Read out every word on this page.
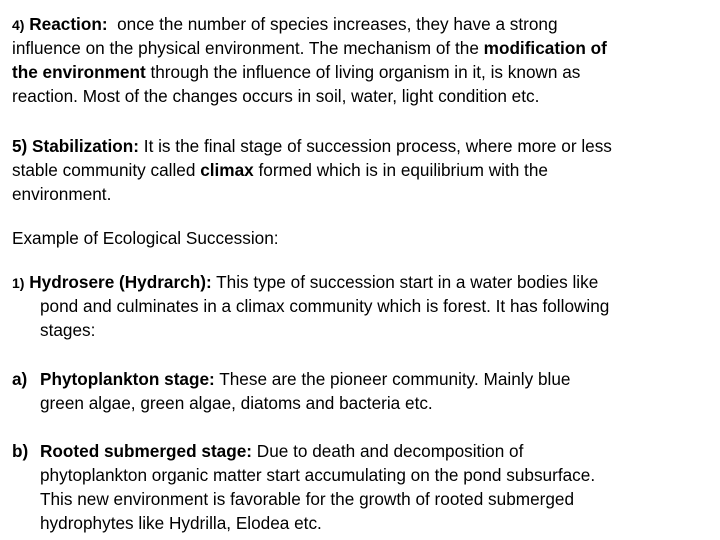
4) Reaction:  once the number of species increases, they have a strong
influence on the physical environment. The mechanism of the modification of
the environment through the influence of living organism in it, is known as
reaction. Most of the changes occurs in soil, water, light condition etc.
5) Stabilization: It is the final stage of succession process, where more or less
stable community called climax formed which is in equilibrium with the
environment.
Example of Ecological Succession:
1) Hydrosere (Hydrarch): This type of succession start in a water bodies like
pond and culminates in a climax community which is forest. It has following
stages:
a) Phytoplankton stage: These are the pioneer community. Mainly blue
green algae, green algae, diatoms and bacteria etc.
b) Rooted submerged stage: Due to death and decomposition of
phytoplankton organic matter start accumulating on the pond subsurface.
This new environment is favorable for the growth of rooted submerged
hydrophytes like Hydrilla, Elodea etc.
